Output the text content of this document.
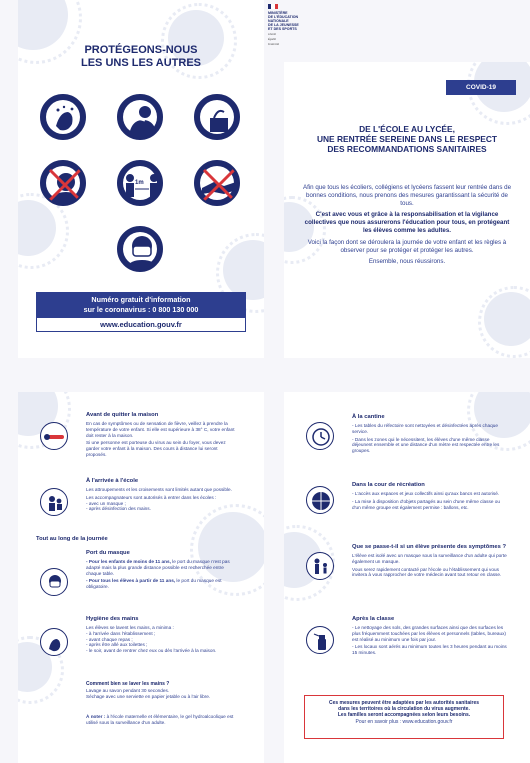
PROTÉGEONS-NOUS
LES UNS LES AUTRES
1m
Numéro gratuit d'information
sur le coronavirus : 0 800 130 000
www.education.gouv.fr
MINISTÈRE
DE L'ÉDUCATION
NATIONALE
DE LA JEUNESSE
ET DES SPORTS
Liberté
Égalité
Fraternité
COVID-19
DE L'ÉCOLE AU LYCÉE,
UNE RENTRÉE SEREINE DANS LE RESPECT
DES RECOMMANDATIONS SANITAIRES

Afin que tous les écoliers, collégiens et lycéens fassent leur rentrée dans de bonnes conditions, nous prenons des mesures garantissant la sécurité de tous.

C'est avec vous et grâce à la responsabilisation et la vigilance collectives que nous assurerons l'éducation pour tous, en protégeant les élèves comme les adultes.

Voici la façon dont se déroulera la journée de votre enfant et les règles à observer pour se protéger et protéger les autres.

Ensemble, nous réussirons.

Avant de quitter la maison

En cas de symptômes ou de sensation de fièvre, veillez à prendre la température de votre enfant. Si elle est supérieure à 38° C, votre enfant doit rester à la maison.

Si une personne est porteuse du virus au sein du foyer, vous devez garder votre enfant à la maison. Des cours à distance lui seront proposés.

À l'arrivée à l'école

Les attroupements et les croisements sont limités autant que possible.

Les accompagnateurs sont autorisés à entrer dans les écoles :

- avec un masque ;
- après désinfection des mains.
Tout au long de la journée
Port du masque

- Pour les enfants de moins de 11 ans, le port du masque n'est pas adapté mais la plus grande distance possible est recherchée entre chaque table.

- Pour tous les élèves à partir de 11 ans, le port du masque est obligatoire.

Hygiène des mains

Les élèves se lavent les mains, a minima :

- à l'arrivée dans l'établissement ;
- avant chaque repas ;
- après être allé aux toilettes ;
- le soir, avant de rentrer chez eux ou dès l'arrivée à la maison.
Comment bien se laver les mains ?
Lavage au savon pendant 30 secondes.
Séchage avec une serviette en papier jetable ou à l'air libre.
À noter : à l'école maternelle et élémentaire, le gel hydroalcoolique est utilisé sous la surveillance d'un adulte.
À la cantine

- Les tables du réfectoire sont nettoyées et désinfectées après chaque service.

- Dans les zones qui le nécessitent, les élèves d'une même classe déjeunent ensemble et une distance d'un mètre est respectée entre les groupes.

Dans la cour de récréation

- L'accès aux espaces et jeux collectifs ainsi qu'aux bancs est autorisé.

- La mise à disposition d'objets partagés au sein d'une même classe ou d'un même groupe est également permise : ballons, etc.

Que se passe-t-il si un élève présente des symptômes ?

L'élève est isolé avec un masque sous la surveillance d'un adulte qui porte également un masque.

Vous serez rapidement contacté par l'école ou l'établissement qui vous invitera à vous rapprocher de votre médecin avant tout retour en classe.

Après la classe

- Le nettoyage des sols, des grandes surfaces ainsi que des surfaces les plus fréquemment touchées par les élèves et personnels (tables, bureaux) est réalisé au minimum une fois par jour.

- Les locaux sont aérés au minimum toutes les 3 heures pendant au moins 15 minutes.

Ces mesures peuvent être adaptées par les autorités sanitaires
dans les territoires où la circulation du virus augmente.
Les familles seront accompagnées selon leurs besoins.
Pour en savoir plus : www.education.gouv.fr
